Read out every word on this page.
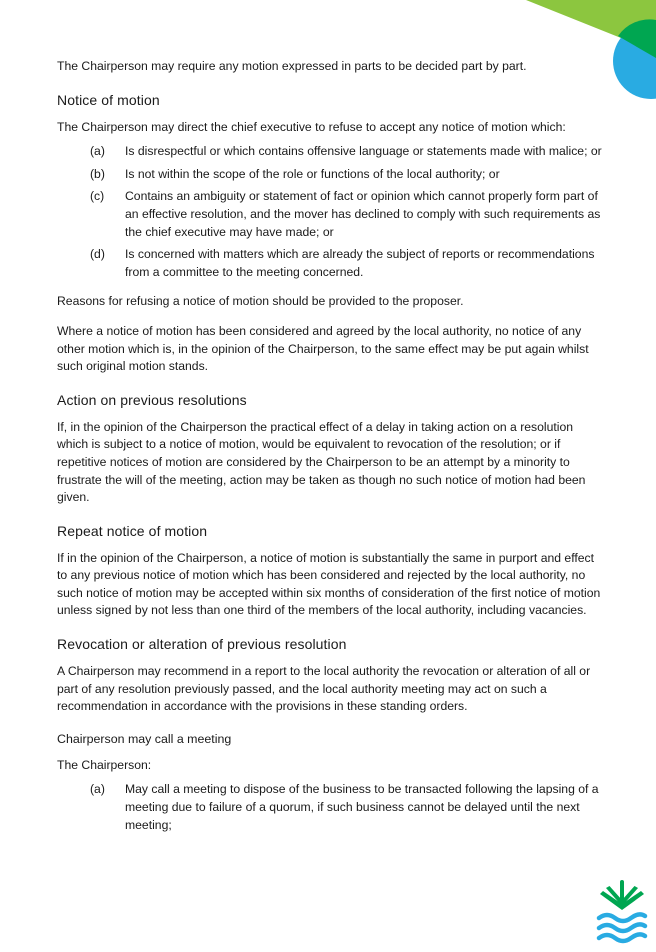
The Chairperson may require any motion expressed in parts to be decided part by part.

Notice of motion

The Chairperson may direct the chief executive to refuse to accept any notice of motion which:

(a)	Is disrespectful or which contains offensive language or statements made with malice; or
(b)	Is not within the scope of the role or functions of the local authority; or
(c)	Contains an ambiguity or statement of fact or opinion which cannot properly form part of an effective resolution, and the mover has declined to comply with such requirements as the chief executive may have made; or
(d)	Is concerned with matters which are already the subject of reports or recommendations from a committee to the meeting concerned.

Reasons for refusing a notice of motion should be provided to the proposer.

Where a notice of motion has been considered and agreed by the local authority, no notice of any other motion which is, in the opinion of the Chairperson, to the same effect may be put again whilst such original motion stands.

Action on previous resolutions

If, in the opinion of the Chairperson the practical effect of a delay in taking action on a resolution which is subject to a notice of motion, would be equivalent to revocation of the resolution; or if repetitive notices of motion are considered by the Chairperson to be an attempt by a minority to frustrate the will of the meeting, action may be taken as though no such notice of motion had been given.

Repeat notice of motion

If in the opinion of the Chairperson, a notice of motion is substantially the same in purport and effect to any previous notice of motion which has been considered and rejected by the local authority, no such notice of motion may be accepted within six months of consideration of the first notice of motion unless signed by not less than one third of the members of the local authority, including vacancies.

Revocation or alteration of previous resolution

A Chairperson may recommend in a report to the local authority the revocation or alteration of all or part of any resolution previously passed, and the local authority meeting may act on such a recommendation in accordance with the provisions in these standing orders.

Chairperson may call a meeting

The Chairperson:

(a)	May call a meeting to dispose of the business to be transacted following the lapsing of a meeting due to failure of a quorum, if such business cannot be delayed until the next meeting;
